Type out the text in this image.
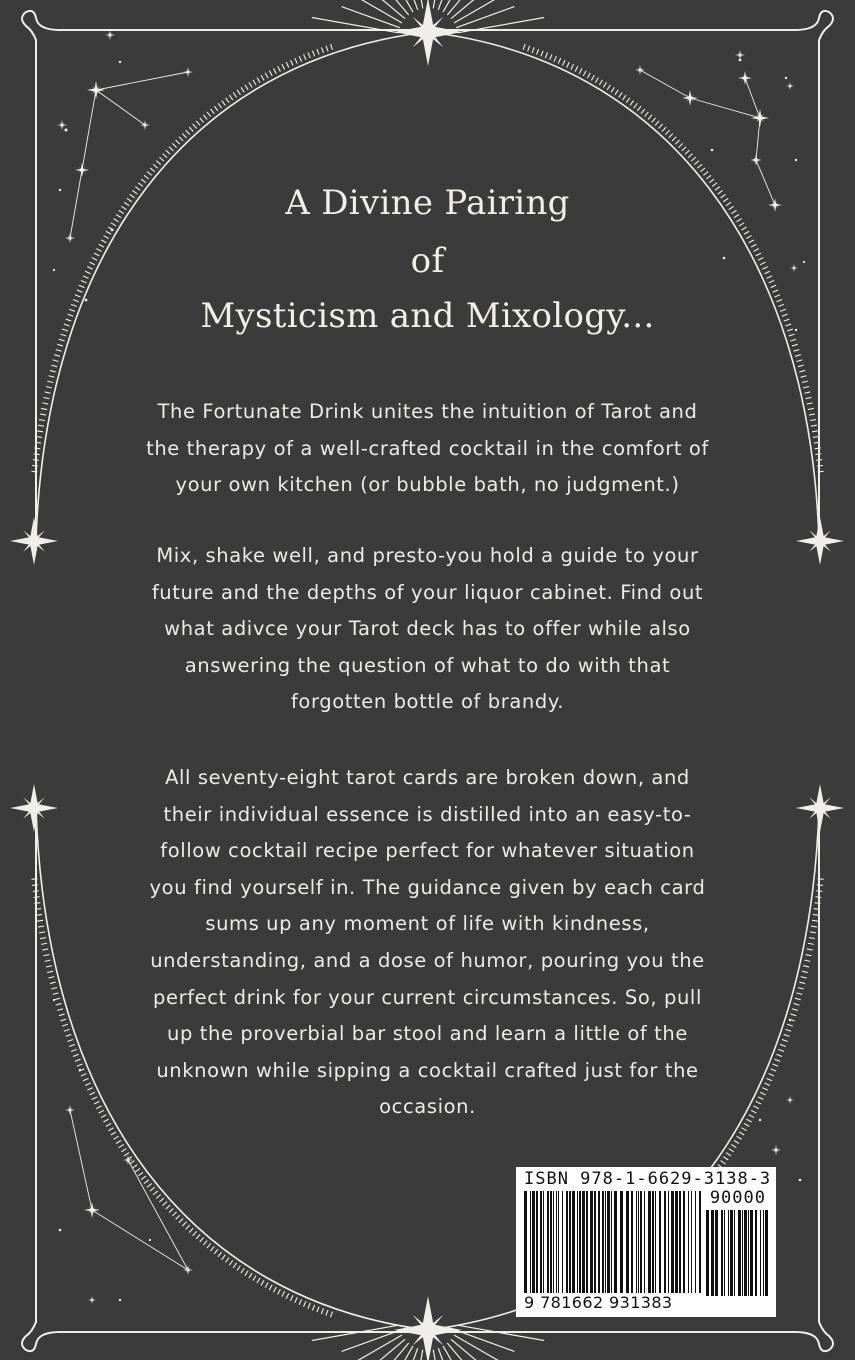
A Divine Pairing
of
Mysticism and Mixology...
The Fortunate Drink unites the intuition of Tarot and
the therapy of a well-crafted cocktail in the comfort of
your own kitchen (or bubble bath, no judgment.)
Mix, shake well, and presto-you hold a guide to your
future and the depths of your liquor cabinet. Find out
what adivce your Tarot deck has to offer while also
answering the question of what to do with that
forgotten bottle of brandy.
All seventy-eight tarot cards are broken down, and
their individual essence is distilled into an easy-to-
follow cocktail recipe perfect for whatever situation
you find yourself in. The guidance given by each card
sums up any moment of life with kindness,
understanding, and a dose of humor, pouring you the
perfect drink for your current circumstances. So, pull
up the proverbial bar stool and learn a little of the
unknown while sipping a cocktail crafted just for the
occasion.
ISBN 978-1-6629-3138-3
90000
9 781662 931383
